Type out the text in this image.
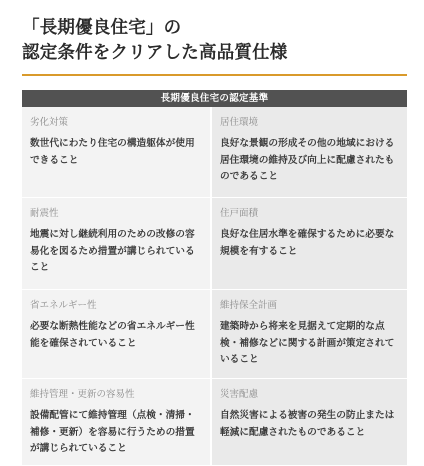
「長期優良住宅」の
認定条件をクリアした高品質仕様
長期優良住宅の認定基準
劣化対策
数世代にわたり住宅の構造躯体が使用できること
居住環境
良好な景観の形成その他の地域における居住環境の維持及び向上に配慮されたものであること
耐震性
地震に対し継続利用のための改修の容易化を図るため措置が講じられていること
住戸面積
良好な住居水準を確保するために必要な規模を有すること
省エネルギー性
必要な断熱性能などの省エネルギー性能を確保されていること
維持保全計画
建築時から将来を見据えて定期的な点検・補修などに関する計画が策定されていること
維持管理・更新の容易性
設備配管にて維持管理（点検・清掃・補修・更新）を容易に行うための措置が講じられていること
災害配慮
自然災害による被害の発生の防止または軽減に配慮されたものであること
